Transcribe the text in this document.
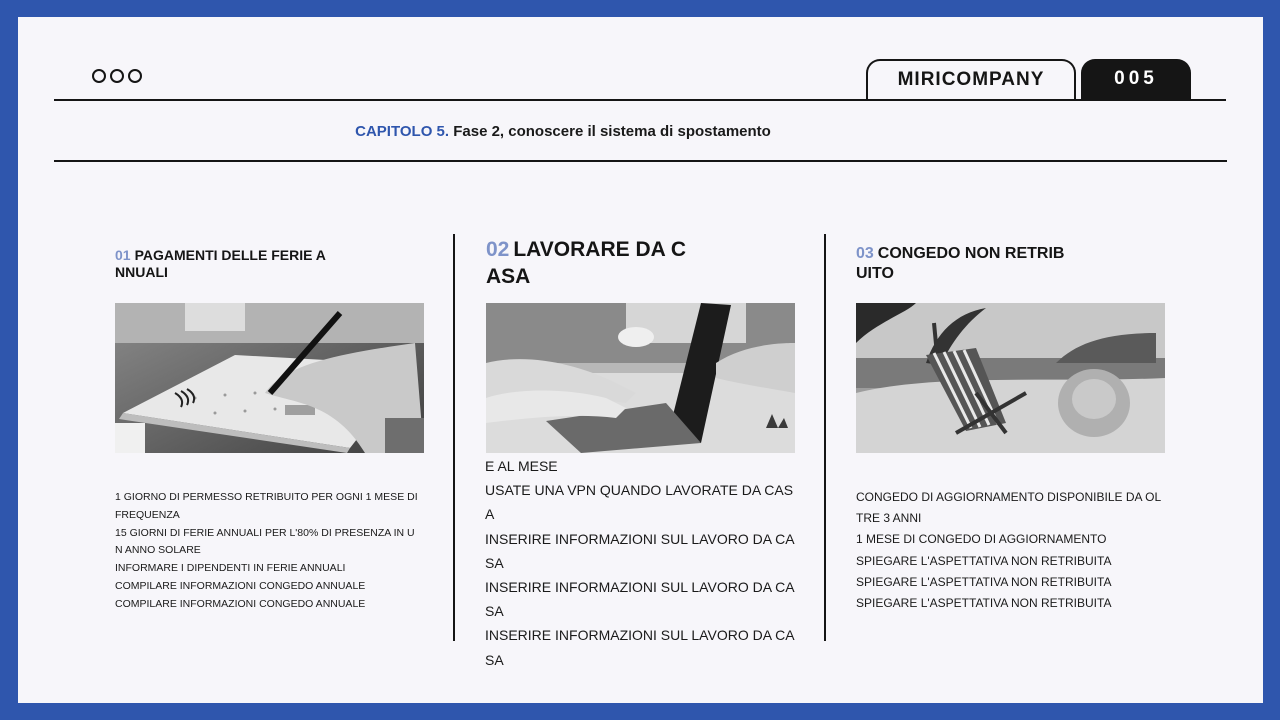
MIRICOMPANY	005
CAPITOLO 5. Fase 2, conoscere il sistema di spostamento
01 PAGAMENTI DELLE FERIE ANNUALI
1 GIORNO DI PERMESSO RETRIBUITO PER OGNI 1 MESE DI FREQUENZA
15 GIORNI DI FERIE ANNUALI PER L'80% DI PRESENZA IN UN ANNO SOLARE
INFORMARE I DIPENDENTI IN FERIE ANNUALI
COMPILARE INFORMAZIONI CONGEDO ANNUALE
COMPILARE INFORMAZIONI CONGEDO ANNUALE
02 LAVORARE DA CASA
E AL MESE
USATE UNA VPN QUANDO LAVORATE DA CASA
INSERIRE INFORMAZIONI SUL LAVORO DA CASA
INSERIRE INFORMAZIONI SUL LAVORO DA CASA
INSERIRE INFORMAZIONI SUL LAVORO DA CASA
03 CONGEDO NON RETRIBUITO
CONGEDO DI AGGIORNAMENTO DISPONIBILE DA OLTRE 3 ANNI
1 MESE DI CONGEDO DI AGGIORNAMENTO
SPIEGARE L'ASPETTATIVA NON RETRIBUITA
SPIEGARE L'ASPETTATIVA NON RETRIBUITA
SPIEGARE L'ASPETTATIVA NON RETRIBUITA
